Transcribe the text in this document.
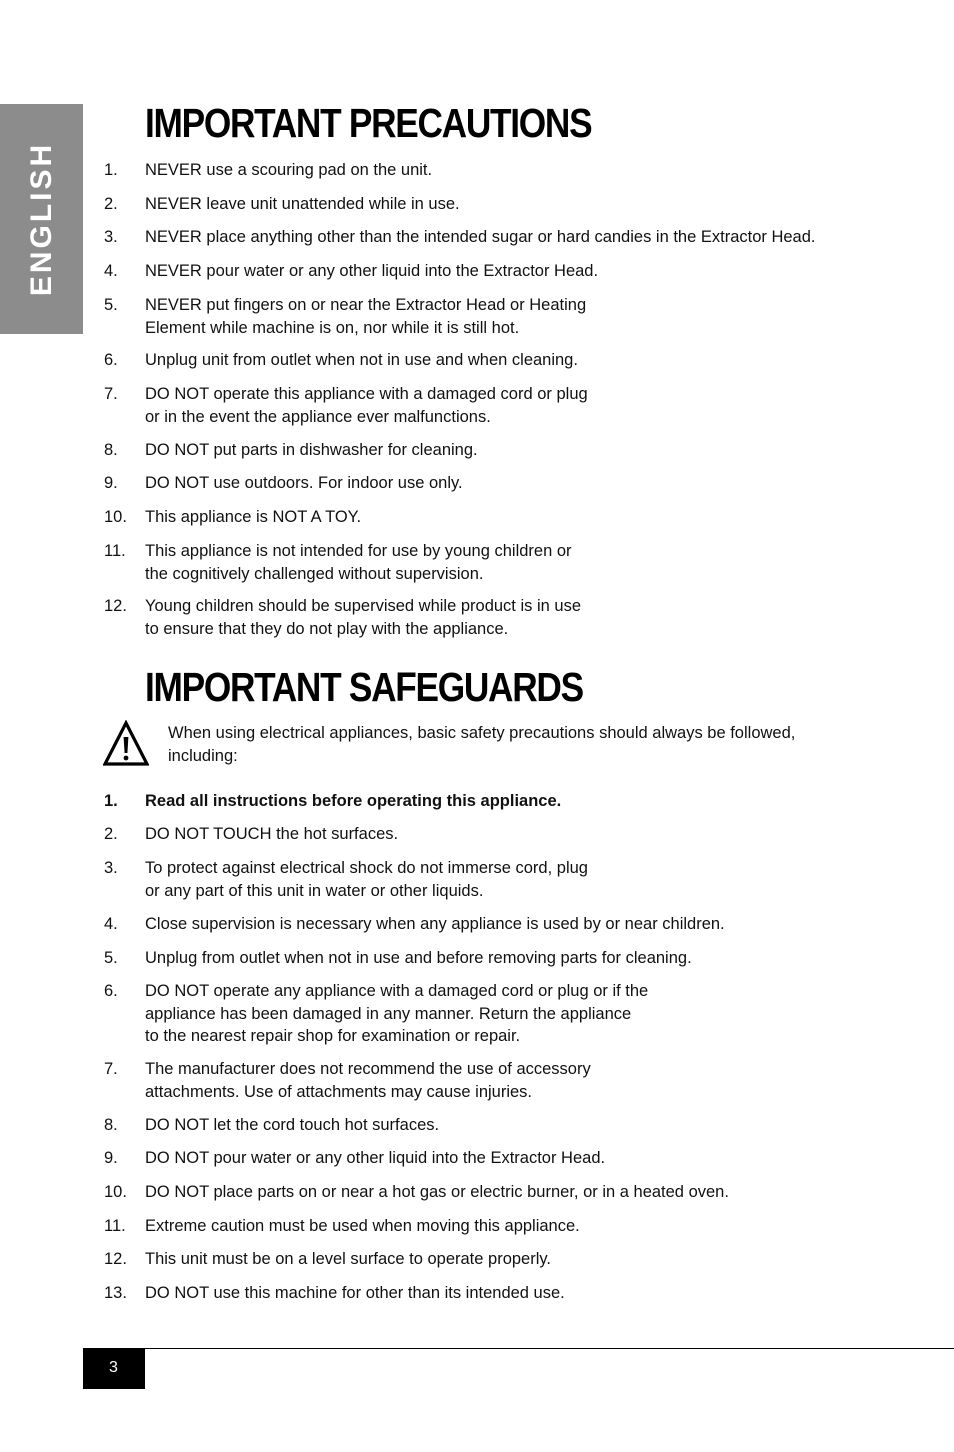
ENGLISH
IMPORTANT PRECAUTIONS
1. NEVER use a scouring pad on the unit.
2. NEVER leave unit unattended while in use.
3. NEVER place anything other than the intended sugar or hard candies in the Extractor Head.
4. NEVER pour water or any other liquid into the Extractor Head.
5. NEVER put fingers on or near the Extractor Head or Heating
Element while machine is on, nor while it is still hot.
6. Unplug unit from outlet when not in use and when cleaning.
7. DO NOT operate this appliance with a damaged cord or plug
or in the event the appliance ever malfunctions.
8. DO NOT put parts in dishwasher for cleaning.
9. DO NOT use outdoors. For indoor use only.
10. This appliance is NOT A TOY.
11. This appliance is not intended for use by young children or
the cognitively challenged without supervision.
12. Young children should be supervised while product is in use
to ensure that they do not play with the appliance.
IMPORTANT SAFEGUARDS
When using electrical appliances, basic safety precautions should always be followed, including:
1. Read all instructions before operating this appliance.
2. DO NOT TOUCH the hot surfaces.
3. To protect against electrical shock do not immerse cord, plug
or any part of this unit in water or other liquids.
4. Close supervision is necessary when any appliance is used by or near children.
5. Unplug from outlet when not in use and before removing parts for cleaning.
6. DO NOT operate any appliance with a damaged cord or plug or if the
appliance has been damaged in any manner. Return the appliance
to the nearest repair shop for examination or repair.
7. The manufacturer does not recommend the use of accessory
attachments. Use of attachments may cause injuries.
8. DO NOT let the cord touch hot surfaces.
9. DO NOT pour water or any other liquid into the Extractor Head.
10. DO NOT place parts on or near a hot gas or electric burner, or in a heated oven.
11. Extreme caution must be used when moving this appliance.
12. This unit must be on a level surface to operate properly.
13. DO NOT use this machine for other than its intended use.
3
